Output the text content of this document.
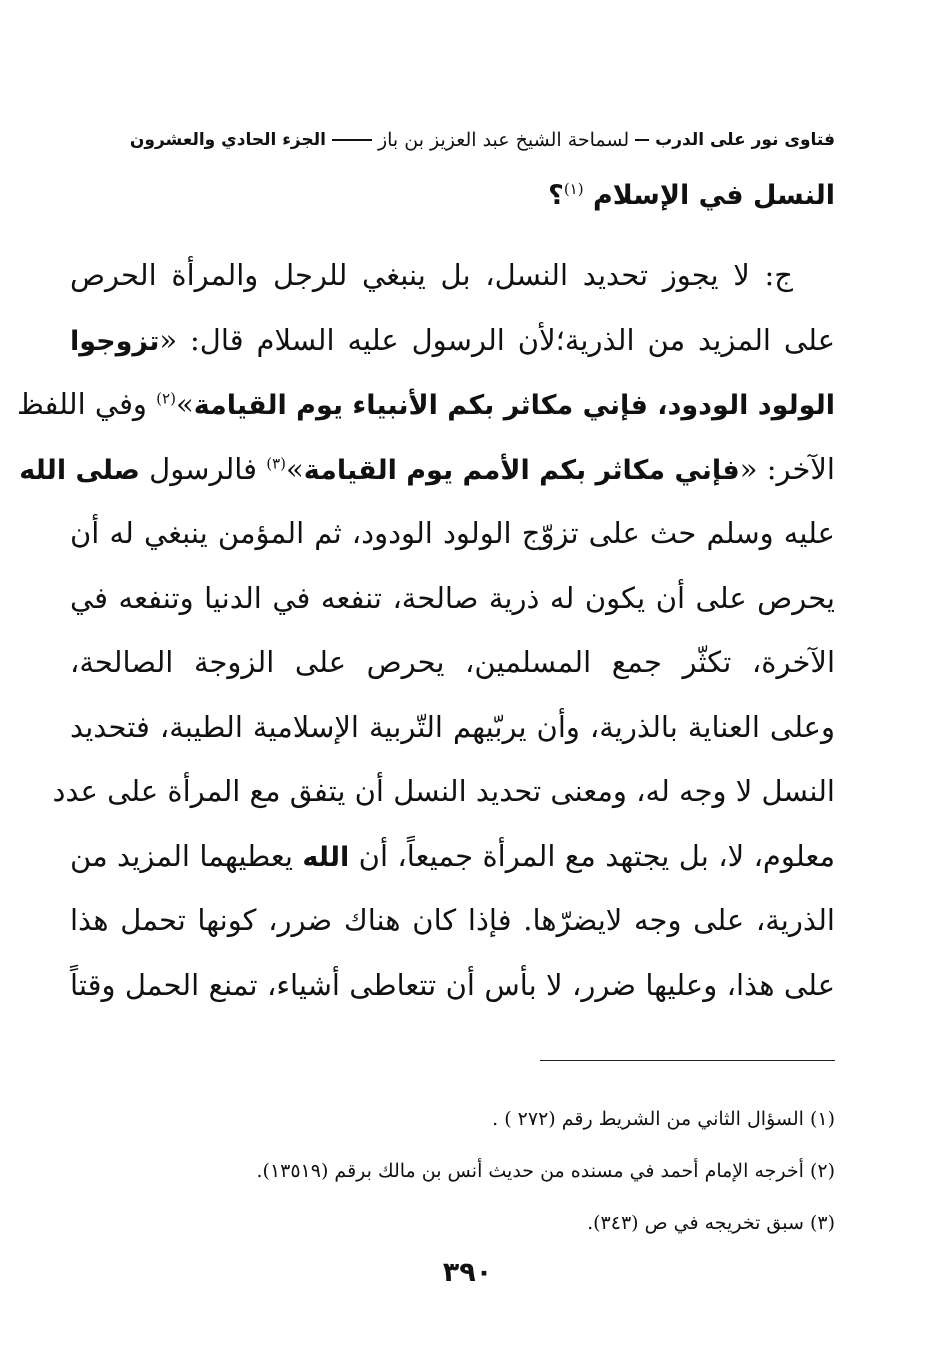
فتاوى نور على الدرب
لسماحة الشيخ عبد العزيز بن باز
الجزء الحادي والعشرون
النسل في الإسلام $^{(١)}$؟
ج: لا يجوز تحديد النسل، بل ينبغي للرجل والمرأة الحرص
على المزيد من الذرية؛لأن الرسول عليه السلام قال: «تزوجوا
الولود الودود، فإني مكاثر بكم الأنبياء يوم القيامة»$^{(٢)}$ وفي اللفظ
الآخر: «فإني مكاثر بكم الأمم يوم القيامة»$^{(٣)}$ فالرسول صلى الله
عليه وسلم حث على تزوّج الولود الودود، ثم المؤمن ينبغي له أن
يحرص على أن يكون له ذرية صالحة، تنفعه في الدنيا وتنفعه في
الآخرة، تكثّر جمع المسلمين، يحرص على الزوجة الصالحة،
وعلى العناية بالذرية، وأن يربّيهم التّربية الإسلامية الطيبة، فتحديد
النسل لا وجه له، ومعنى تحديد النسل أن يتفق مع المرأة على عدد
معلوم، لا، بل يجتهد مع المرأة جميعاً، أن الله يعطيهما المزيد من
الذرية، على وجه لايضرّها. فإذا كان هناك ضرر، كونها تحمل هذا
على هذا، وعليها ضرر، لا بأس أن تتعاطى أشياء، تمنع الحمل وقتاً
(١) السؤال الثاني من الشريط رقم (٢٧٢ ) .
(٢) أخرجه الإمام أحمد في مسنده من حديث أنس بن مالك برقم (١٣٥١٩).
(٣) سبق تخريجه في ص (٣٤٣).
٣٩٠
